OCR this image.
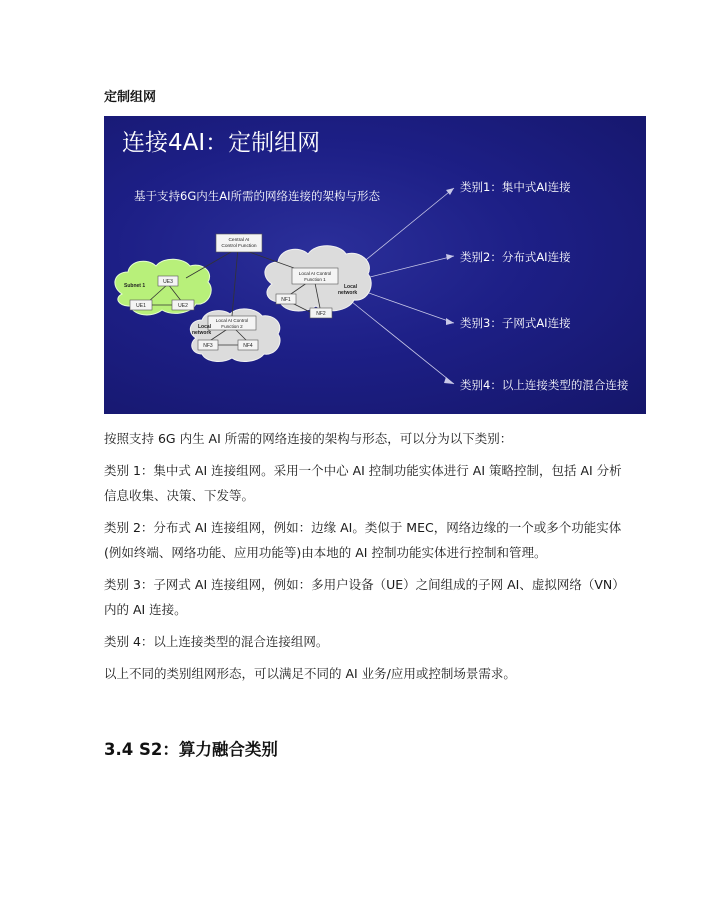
定制组网
Central AI
Control Function
Subnet 1
UE3
UE1	UE2
Local AI Control
Function 1
Local
network
NF1
NF2
Local AI Control
Function 2
Local
network
NF3	NF4
连接4AI：定制组网
基于支持6G内生AI所需的网络连接的架构与形态
类别1：集中式AI连接
类别2：分布式AI连接
类别3：子网式AI连接
类别4：以上连接类型的混合连接

按照支持 6G 内生 AI 所需的网络连接的架构与形态，可以分为以下类别：

类别 1：集中式 AI 连接组网。采用一个中心 AI 控制功能实体进行 AI 策略控制，包括 AI 分析信息收集、决策、下发等。

类别 2：分布式 AI 连接组网，例如：边缘 AI。类似于 MEC，网络边缘的一个或多个功能实体(例如终端、网络功能、应用功能等)由本地的 AI 控制功能实体进行控制和管理。

类别 3：子网式 AI 连接组网，例如：多用户设备（UE）之间组成的子网 AI、虚拟网络（VN）内的 AI 连接。

类别 4：以上连接类型的混合连接组网。

以上不同的类别组网形态，可以满足不同的 AI 业务/应用或控制场景需求。

3.4 S2：算力融合类别
